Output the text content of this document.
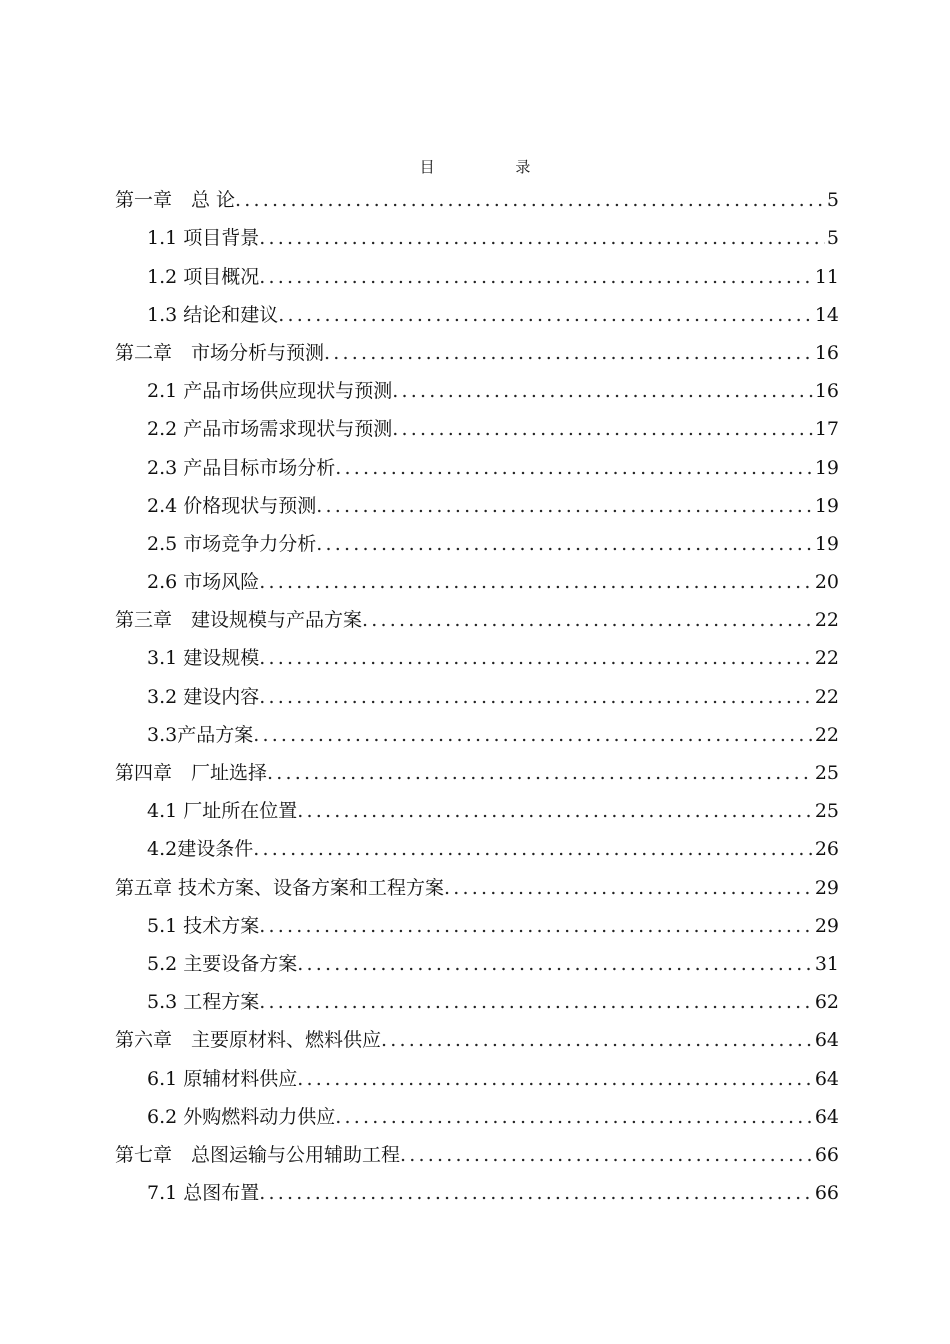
目 录
第一章　总 论 .....	5
1.1 项目背景 .....	5
1.2 项目概况 .....	11
1.3 结论和建议 .....	14
第二章　市场分析与预测 .....	16
2.1 产品市场供应现状与预测 .....	16
2.2 产品市场需求现状与预测 .....	17
2.3 产品目标市场分析 .....	19
2.4 价格现状与预测 .....	19
2.5 市场竞争力分析 .....	19
2.6 市场风险 .....	20
第三章　建设规模与产品方案 .....	22
3.1 建设规模 .....	22
3.2 建设内容 .....	22
3.3产品方案 .....	22
第四章　厂址选择 .....	25
4.1 厂址所在位置 .....	25
4.2建设条件 .....	26
第五章 技术方案、设备方案和工程方案 .....	29
5.1 技术方案 .....	29
5.2 主要设备方案 .....	31
5.3 工程方案 .....	62
第六章　主要原材料、燃料供应 .....	64
6.1 原辅材料供应 .....	64
6.2 外购燃料动力供应 .....	64
第七章　总图运输与公用辅助工程 .....	66
7.1 总图布置 .....	66
